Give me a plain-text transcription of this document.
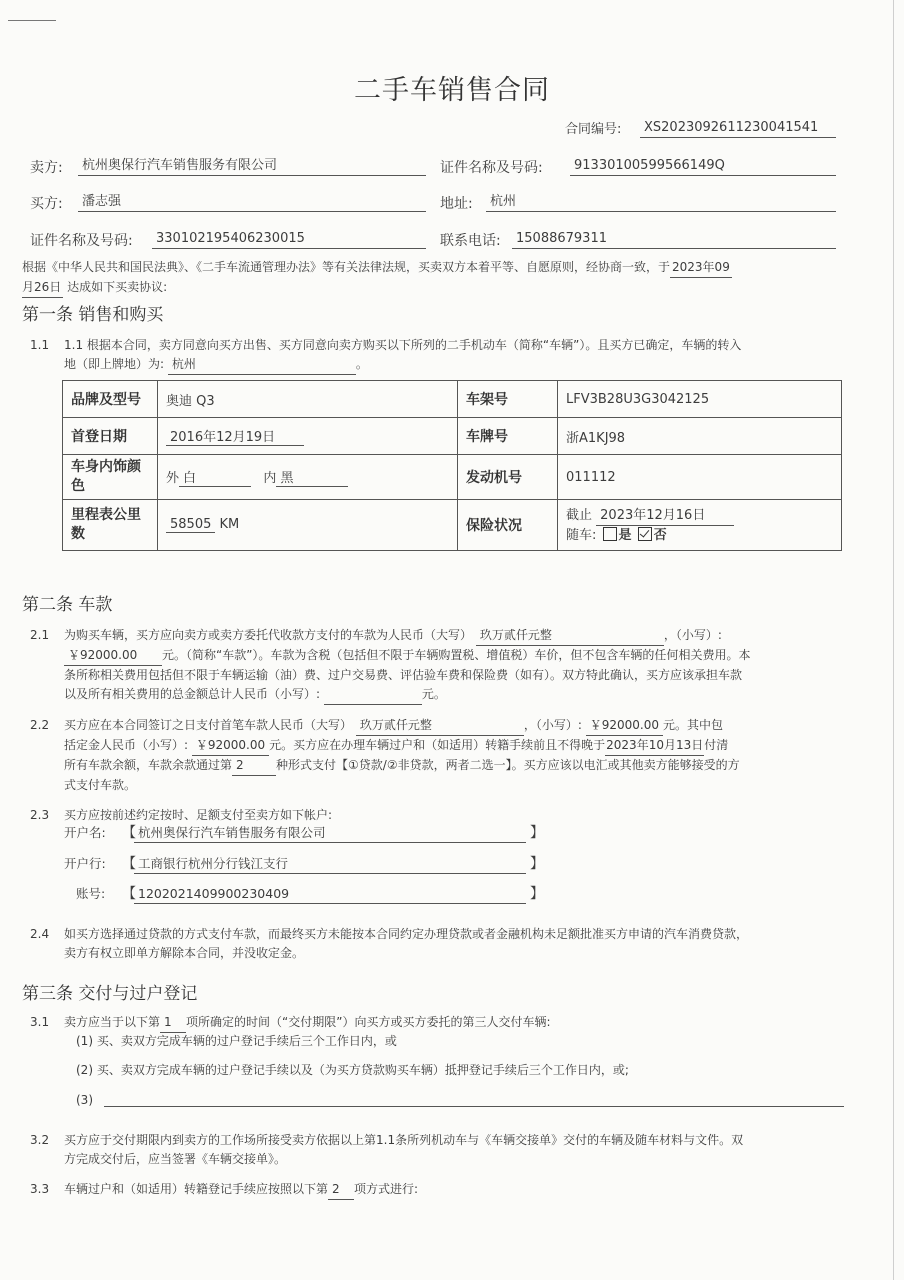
二手车销售合同
合同编号:	XS2023092611230041541
卖方:	杭州奥保行汽车销售服务有限公司	证件名称及号码:	91330100599566149Q
买方:	潘志强	地址:	杭州
证件名称及号码:	330102195406230015	联系电话:	15088679311
根据《中华人民共和国民法典》、《二手车流通管理办法》等有关法律法规，买卖双方本着平等、自愿原则，经协商一致，于 2023年09
月26日 达成如下买卖协议:
第一条 销售和购买
1.1 1.1 根据本合同，卖方同意向买方出售、买方同意向卖方购买以下所列的二手机动车（简称“车辆”）。且买方已确定，车辆的转入
地（即上牌地）为: 杭州	。
品牌及型号	奥迪 Q3	车架号	LFV3B28U3G3042125
首登日期	2016年12月19日	车牌号	浙A1KJ98
车身内饰颜
色	外 白 内 黑	发动机号	011112
里程表公里
数	58505 KM	保险状况	截止 2023年12月16日
随车: 是 否
第二条 车款
2.1 为购买车辆，买方应向卖方或卖方委托代收款方支付的车款为人民币（大写） 玖万贰仟元整	，（小写）:
￥92000.00 元。（简称“车款”）。车款为含税（包括但不限于车辆购置税、增值税）车价，但不包含车辆的任何相关费用。本
条所称相关费用包括但不限于车辆运输（油）费、过户交易费、评估验车费和保险费（如有）。双方特此确认，买方应该承担车款
以及所有相关费用的总金额总计人民币（小写）:	元。
2.2 买方应在本合同签订之日支付首笔车款人民币（大写） 玖万贰仟元整	，（小写）: ￥92000.00 元。其中包
括定金人民币（小写）: ￥92000.00 元。买方应在办理车辆过户和（如适用）转籍手续前且不得晚于2023年10月13日付清
所有车款余额，车款余款通过第 2	种形式支付【①贷款/②非贷款，两者二选一】。买方应该以电汇或其他卖方能够接受的方
式支付车款。
2.3 买方应按前述约定按时、足额支付至卖方如下帐户:
开户名: 【 杭州奥保行汽车销售服务有限公司	】
开户行: 【 工商银行杭州分行钱江支行	】
账号: 【 1202021409900230409	】
2.4 如买方选择通过贷款的方式支付车款，而最终买方未能按本合同约定办理贷款或者金融机构未足额批准买方申请的汽车消费贷款，
卖方有权立即单方解除本合同，并没收定金。
第三条 交付与过户登记
3.1 卖方应当于以下第 1 项所确定的时间（“交付期限”）向买方或买方委托的第三人交付车辆:
(1) 买、卖双方完成车辆的过户登记手续后三个工作日内，或
(2) 买、卖双方完成车辆的过户登记手续以及（为买方贷款购买车辆）抵押登记手续后三个工作日内，或;
(3)
3.2 买方应于交付期限内到卖方的工作场所接受卖方依据以上第1.1条所列机动车与《车辆交接单》交付的车辆及随车材料与文件。双
方完成交付后，应当签署《车辆交接单》。
3.3 车辆过户和（如适用）转籍登记手续应按照以下第 2 项方式进行:
